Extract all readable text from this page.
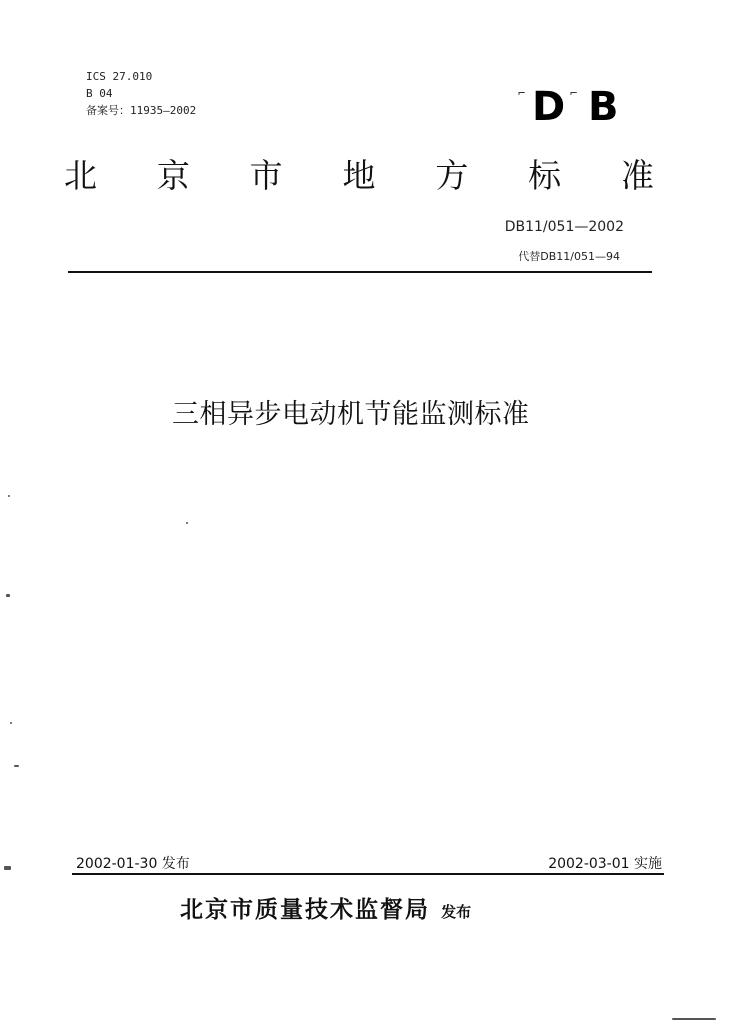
ICS 27.010
B 04
备案号：11935—2002
⌐ D ⌐ B
北 京 市 地 方 标 准
DB11/051—2002
代替DB11/051—94
三相异步电动机节能监测标准
2002-01-30 发布	2002-03-01 实施
北京市质量技术监督局 发布
